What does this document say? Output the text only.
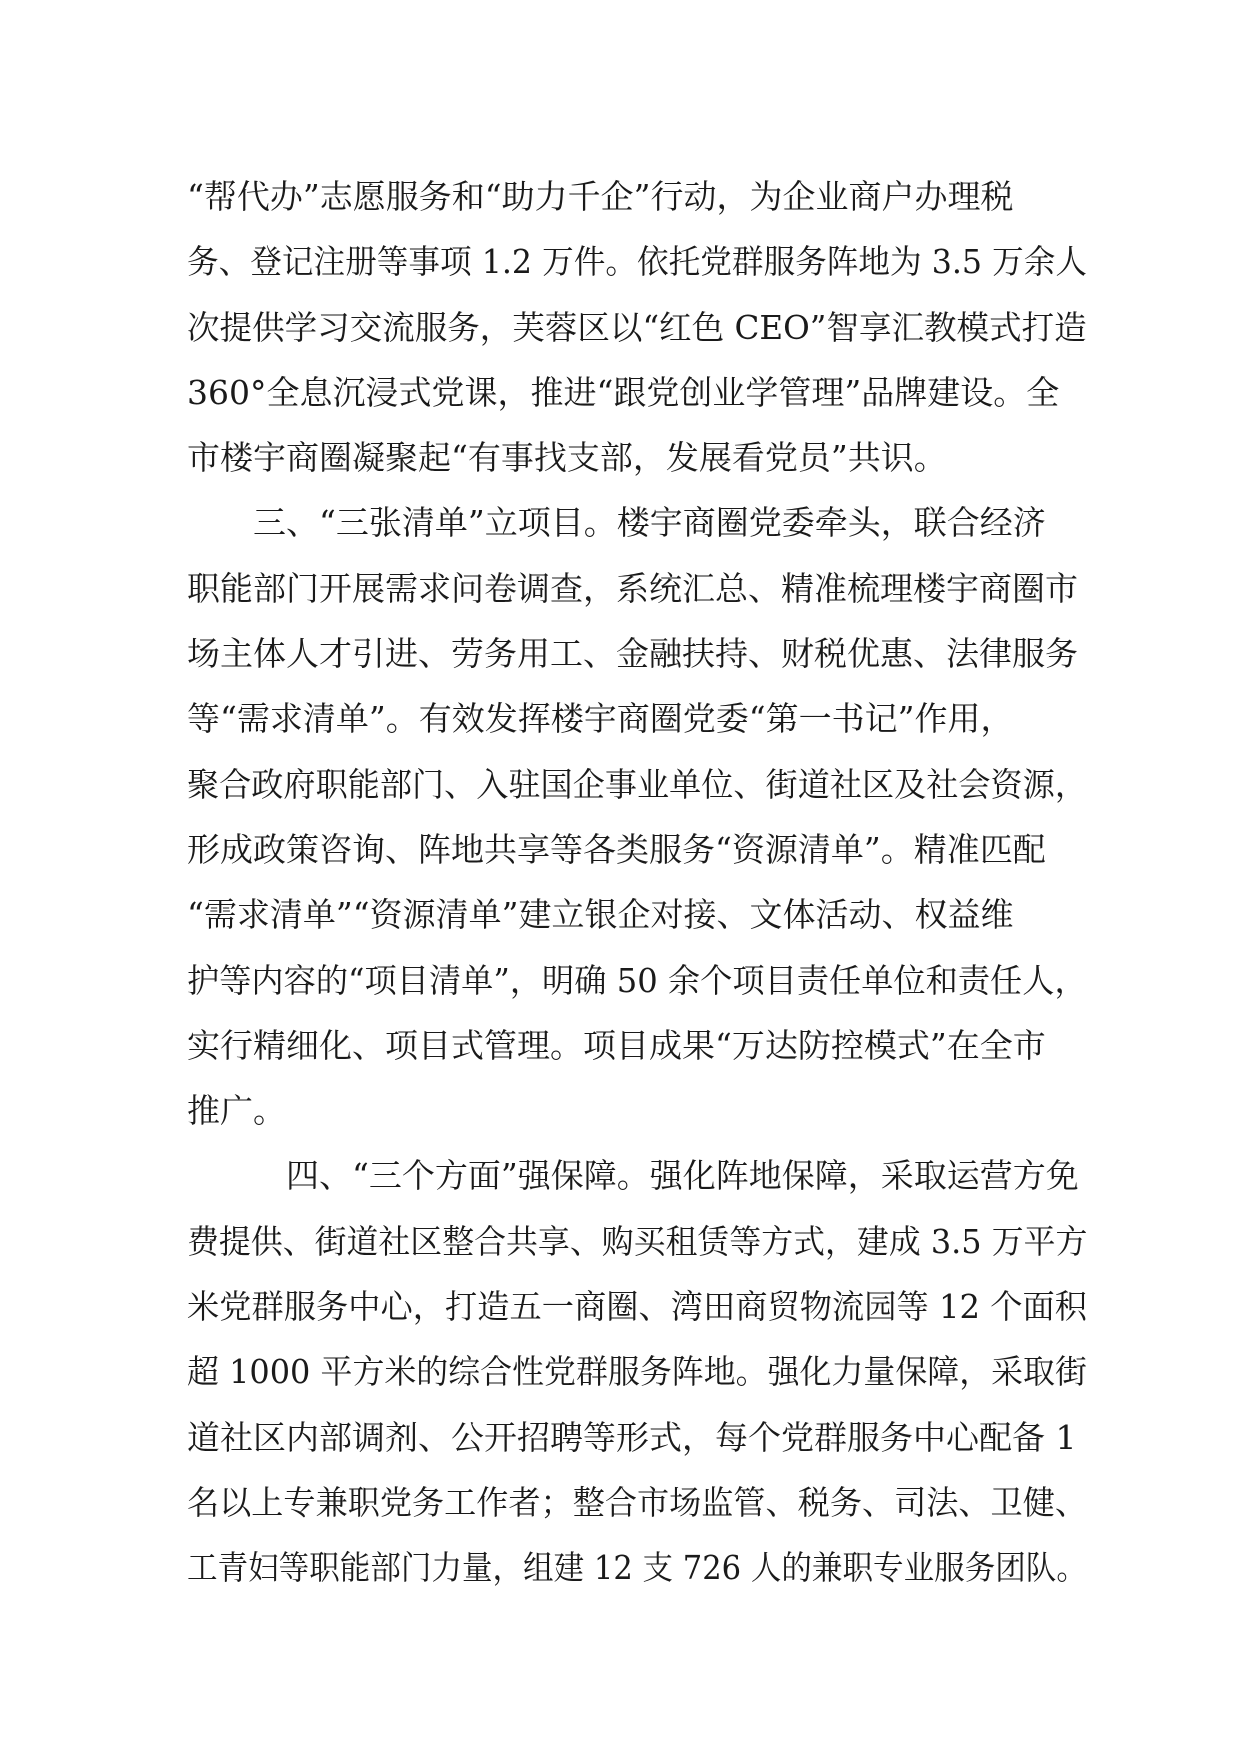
“帮代办”志愿服务和“助力千企”行动，为企业商户办理税
务、登记注册等事项 1.2 万件。依托党群服务阵地为 3.5 万余人
次提供学习交流服务，芙蓉区以“红色 CEO”智享汇教模式打造
360°全息沉浸式党课，推进“跟党创业学管理”品牌建设。全
市楼宇商圈凝聚起“有事找支部，发展看党员”共识。
　　三、“三张清单”立项目。楼宇商圈党委牵头，联合经济
职能部门开展需求问卷调查，系统汇总、精准梳理楼宇商圈市
场主体人才引进、劳务用工、金融扶持、财税优惠、法律服务
等“需求清单”。有效发挥楼宇商圈党委“第一书记”作用，
聚合政府职能部门、入驻国企事业单位、街道社区及社会资源，
形成政策咨询、阵地共享等各类服务“资源清单”。精准匹配
“需求清单”“资源清单”建立银企对接、文体活动、权益维
护等内容的“项目清单”，明确 50 余个项目责任单位和责任人，
实行精细化、项目式管理。项目成果“万达防控模式”在全市
推广。
　　　四、“三个方面”强保障。强化阵地保障，采取运营方免
费提供、街道社区整合共享、购买租赁等方式，建成 3.5 万平方
米党群服务中心，打造五一商圈、湾田商贸物流园等 12 个面积
超 1000 平方米的综合性党群服务阵地。强化力量保障，采取街
道社区内部调剂、公开招聘等形式，每个党群服务中心配备 1
名以上专兼职党务工作者；整合市场监管、税务、司法、卫健、
工青妇等职能部门力量，组建 12 支 726 人的兼职专业服务团队。
